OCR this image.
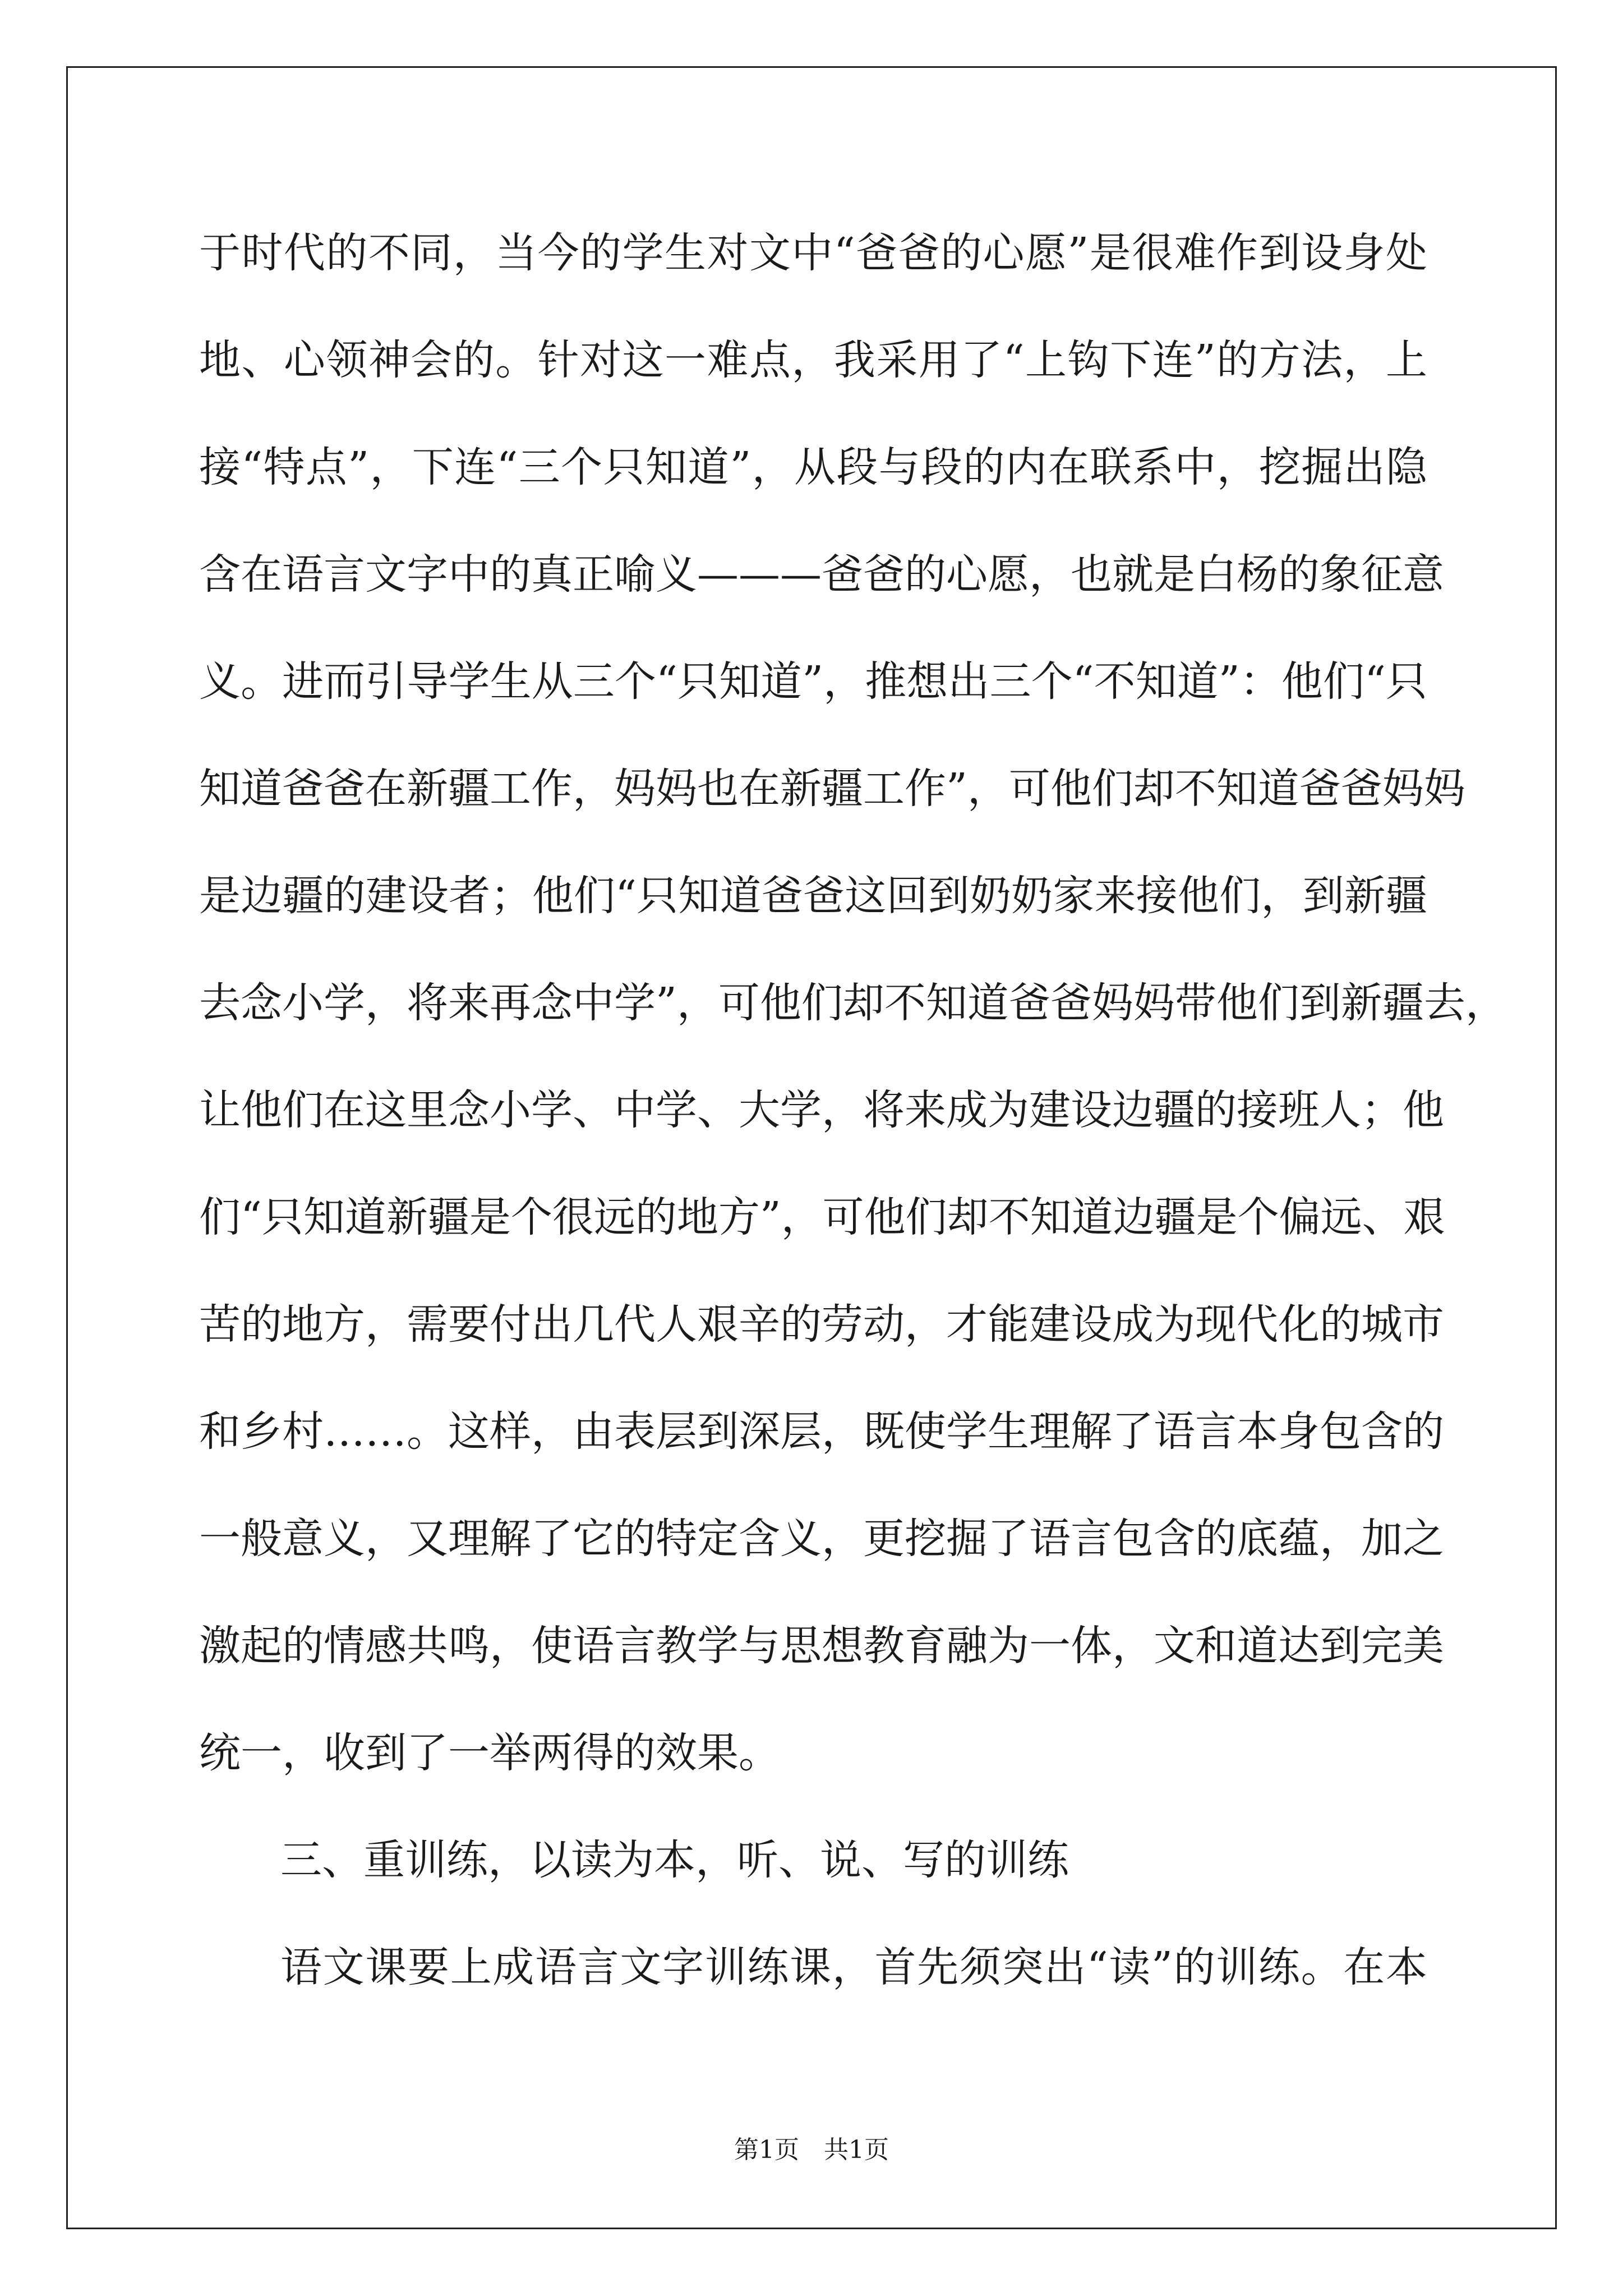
于时代的不同，当今的学生对文中“爸爸的心愿”是很难作到设身处
地、心领神会的。针对这一难点，我采用了“上钩下连”的方法，上
接“特点”，下连“三个只知道”，从段与段的内在联系中，挖掘出隐
含在语言文字中的真正喻义———爸爸的心愿，也就是白杨的象征意
义。进而引导学生从三个“只知道”，推想出三个“不知道”：他们“只
知道爸爸在新疆工作，妈妈也在新疆工作”，可他们却不知道爸爸妈妈
是边疆的建设者；他们“只知道爸爸这回到奶奶家来接他们，到新疆
去念小学，将来再念中学”，可他们却不知道爸爸妈妈带他们到新疆去，
让他们在这里念小学、中学、大学，将来成为建设边疆的接班人；他
们“只知道新疆是个很远的地方”，可他们却不知道边疆是个偏远、艰
苦的地方，需要付出几代人艰辛的劳动，才能建设成为现代化的城市
和乡村……。这样，由表层到深层，既使学生理解了语言本身包含的
一般意义，又理解了它的特定含义，更挖掘了语言包含的底蕴，加之
激起的情感共鸣，使语言教学与思想教育融为一体，文和道达到完美
统一，收到了一举两得的效果。
三、重训练，以读为本，听、说、写的训练
语文课要上成语言文字训练课，首先须突出“读”的训练。在本
第1页　共1页
